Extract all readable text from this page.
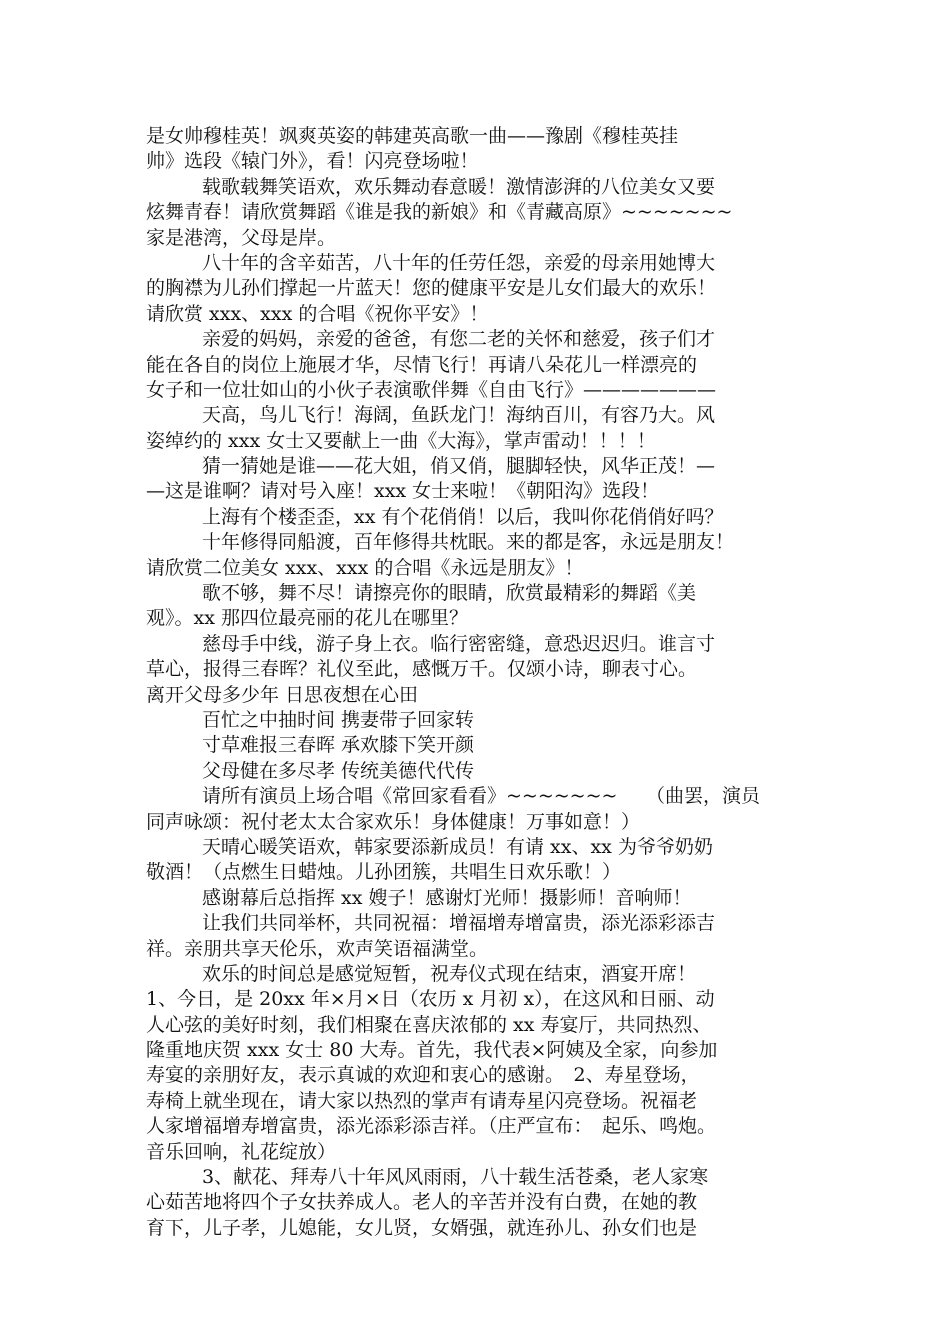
是女帅穆桂英！飒爽英姿的韩建英高歌一曲——豫剧《穆桂英挂
帅》选段《辕门外》，看！闪亮登场啦！
载歌载舞笑语欢，欢乐舞动春意暖！激情澎湃的八位美女又要
炫舞青春！请欣赏舞蹈《谁是我的新娘》和《青藏高原》~~~~~~~
家是港湾，父母是岸。
八十年的含辛茹苦，八十年的任劳任怨，亲爱的母亲用她博大
的胸襟为儿孙们撑起一片蓝天！您的健康平安是儿女们最大的欢乐！
请欣赏 xxx、xxx 的合唱《祝你平安》！
亲爱的妈妈，亲爱的爸爸，有您二老的关怀和慈爱，孩子们才
能在各自的岗位上施展才华，尽情飞行！再请八朵花儿一样漂亮的
女子和一位壮如山的小伙子表演歌伴舞《自由飞行》———————
天高，鸟儿飞行！海阔，鱼跃龙门！海纳百川，有容乃大。风
姿绰约的 xxx 女士又要献上一曲《大海》，掌声雷动！！！！
猜一猜她是谁——花大姐，俏又俏，腿脚轻快，风华正茂！—
—这是谁啊？请对号入座！xxx 女士来啦！《朝阳沟》选段！
上海有个楼歪歪，xx 有个花俏俏！以后，我叫你花俏俏好吗？
十年修得同船渡，百年修得共枕眠。来的都是客，永远是朋友！
请欣赏二位美女 xxx、xxx 的合唱《永远是朋友》！
歌不够，舞不尽！请擦亮你的眼睛，欣赏最精彩的舞蹈《美
观》。xx 那四位最亮丽的花儿在哪里？
慈母手中线，游子身上衣。临行密密缝，意恐迟迟归。谁言寸
草心，报得三春晖？礼仪至此，感慨万千。仅颂小诗，聊表寸心。
离开父母多少年 日思夜想在心田
百忙之中抽时间 携妻带子回家转
寸草难报三春晖 承欢膝下笑开颜
父母健在多尽孝 传统美德代代传
请所有演员上场合唱《常回家看看》~~~~~~~　　（曲罢，演员
同声咏颂：祝付老太太合家欢乐！身体健康！万事如意！）
天晴心暖笑语欢，韩家要添新成员！有请 xx、xx 为爷爷奶奶
敬酒！（点燃生日蜡烛。儿孙团簇，共唱生日欢乐歌！）
感谢幕后总指挥 xx 嫂子！感谢灯光师！摄影师！音响师！
让我们共同举杯，共同祝福：增福增寿增富贵，添光添彩添吉
祥。亲朋共享天伦乐，欢声笑语福满堂。
欢乐的时间总是感觉短暂，祝寿仪式现在结束，酒宴开席！
1、今日，是 20xx 年×月×日（农历 x 月初 x），在这风和日丽、动
人心弦的美好时刻，我们相聚在喜庆浓郁的 xx 寿宴厅，共同热烈、
隆重地庆贺 xxx 女士 80 大寿。首先，我代表×阿姨及全家，向参加
寿宴的亲朋好友，表示真诚的欢迎和衷心的感谢。　2、寿星登场，
寿椅上就坐现在，请大家以热烈的掌声有请寿星闪亮登场。祝福老
人家增福增寿增富贵，添光添彩添吉祥。（庄严宣布：　起乐、鸣炮。
音乐回响，礼花绽放）
3、献花、拜寿八十年风风雨雨，八十载生活苍桑，老人家寒
心茹苦地将四个子女扶养成人。老人的辛苦并没有白费，在她的教
育下，儿子孝，儿媳能，女儿贤，女婿强，就连孙儿、孙女们也是
